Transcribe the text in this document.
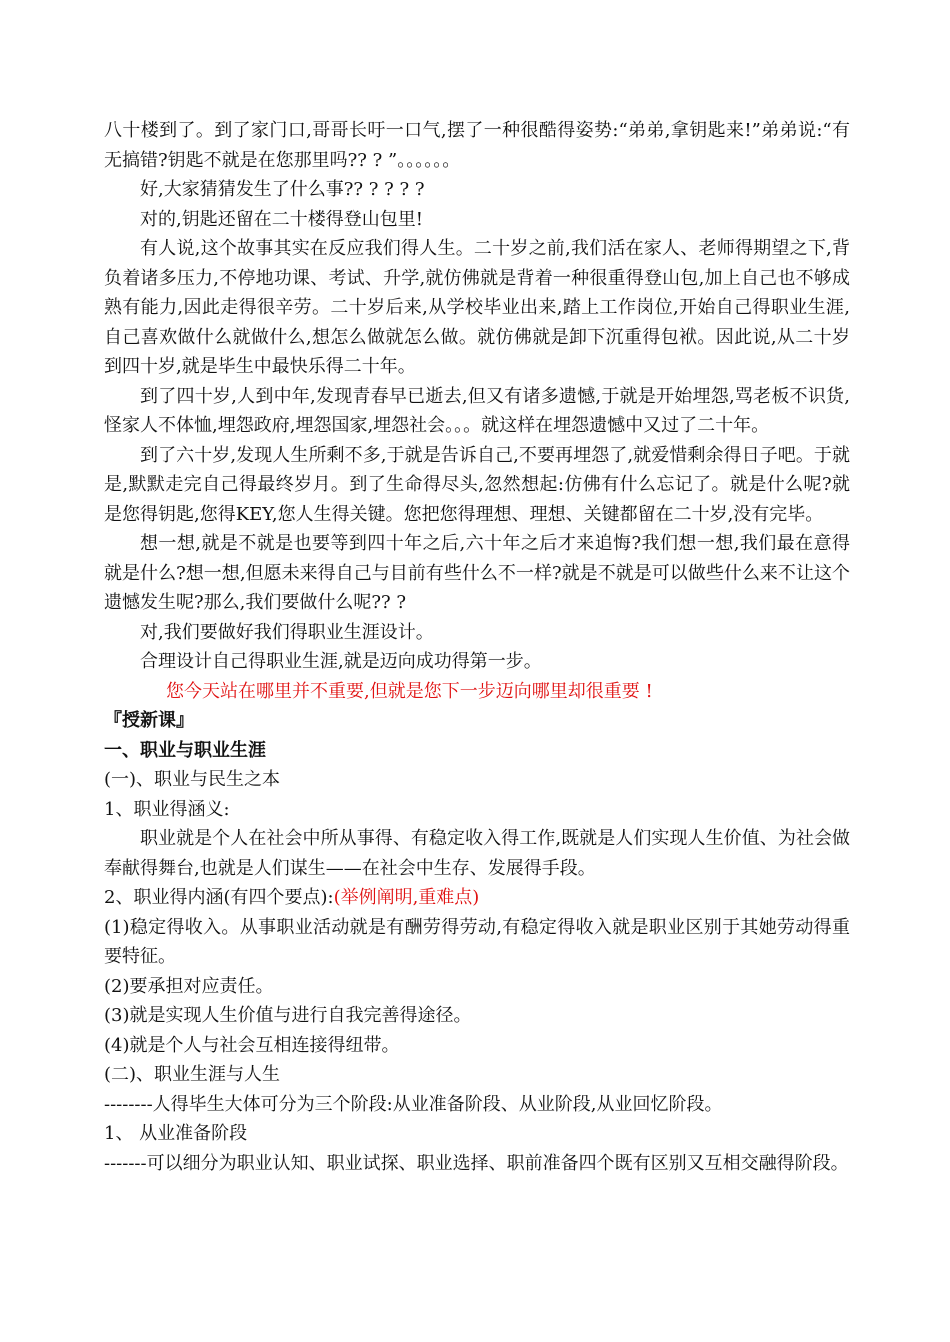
八十楼到了。到了家门口,哥哥长吁一口气,摆了一种很酷得姿势:“弟弟,拿钥匙来!”弟弟说:“有无搞错?钥匙不就是在您那里吗?? ? ”。。。。。。

好,大家猜猜发生了什么事?? ? ? ? ?

对的,钥匙还留在二十楼得登山包里!

有人说,这个故事其实在反应我们得人生。二十岁之前,我们活在家人、老师得期望之下,背负着诸多压力,不停地功课、考试、升学,就仿佛就是背着一种很重得登山包,加上自己也不够成熟有能力,因此走得很辛劳。二十岁后来,从学校毕业出来,踏上工作岗位,开始自己得职业生涯,自己喜欢做什么就做什么,想怎么做就怎么做。就仿佛就是卸下沉重得包袱。因此说,从二十岁到四十岁,就是毕生中最快乐得二十年。

到了四十岁,人到中年,发现青春早已逝去,但又有诸多遗憾,于就是开始埋怨,骂老板不识货,怪家人不体恤,埋怨政府,埋怨国家,埋怨社会。。。就这样在埋怨遗憾中又过了二十年。

到了六十岁,发现人生所剩不多,于就是告诉自己,不要再埋怨了,就爱惜剩余得日子吧。于就是,默默走完自己得最终岁月。到了生命得尽头,忽然想起:仿佛有什么忘记了。就是什么呢?就是您得钥匙,您得KEY,您人生得关键。您把您得理想、理想、关键都留在二十岁,没有完毕。

想一想,就是不就是也要等到四十年之后,六十年之后才来追悔?我们想一想,我们最在意得就是什么?想一想,但愿未来得自己与目前有些什么不一样?就是不就是可以做些什么来不让这个遗憾发生呢?那么,我们要做什么呢?? ?

对,我们要做好我们得职业生涯设计。

合理设计自己得职业生涯,就是迈向成功得第一步。

您今天站在哪里并不重要,但就是您下一步迈向哪里却很重要 !

『授新课』

一、职业与职业生涯

(一)、职业与民生之本

1、职业得涵义:

职业就是个人在社会中所从事得、有稳定收入得工作,既就是人们实现人生价值、为社会做奉献得舞台,也就是人们谋生——在社会中生存、发展得手段。

2、职业得内涵(有四个要点):(举例阐明,重难点)

(1)稳定得收入。从事职业活动就是有酬劳得劳动,有稳定得收入就是职业区别于其她劳动得重要特征。

(2)要承担对应责任。

(3)就是实现人生价值与进行自我完善得途径。

(4)就是个人与社会互相连接得纽带。

(二)、职业生涯与人生

--------人得毕生大体可分为三个阶段:从业准备阶段、从业阶段,从业回忆阶段。

1、 从业准备阶段

-------可以细分为职业认知、职业试探、职业选择、职前准备四个既有区别又互相交融得阶段。
